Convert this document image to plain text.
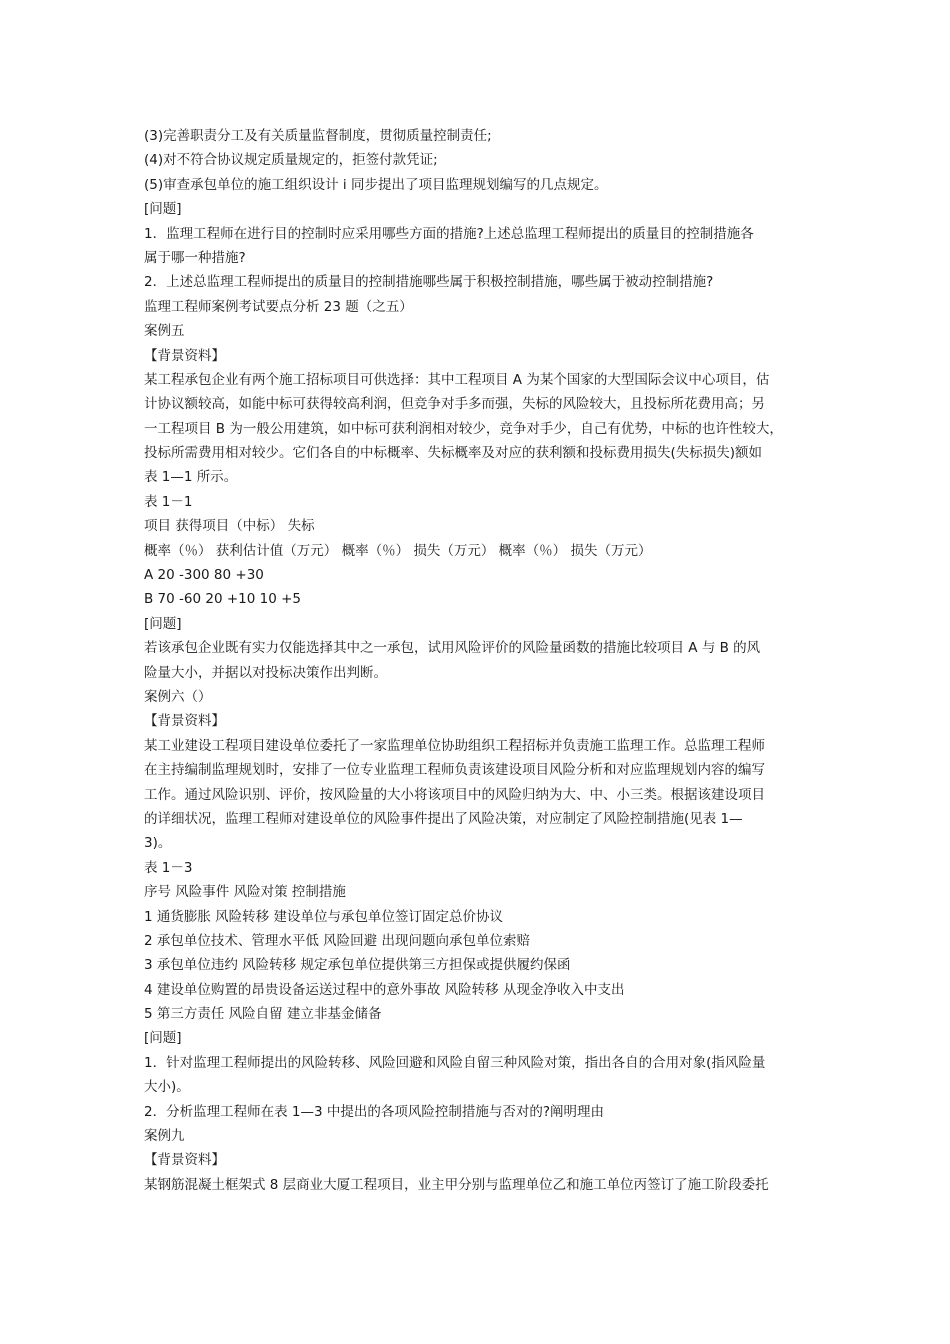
(3)完善职责分工及有关质量监督制度，贯彻质量控制责任;
(4)对不符合协议规定质量规定的，拒签付款凭证;
(5)审查承包单位的施工组织设计 i 同步提出了项目监理规划编写的几点规定。
[问题]
1．监理工程师在进行目的控制时应采用哪些方面的措施?上述总监理工程师提出的质量目的控制措施各
属于哪一种措施?
2．上述总监理工程师提出的质量目的控制措施哪些属于积极控制措施，哪些属于被动控制措施?
监理工程师案例考试要点分析 23 题（之五）
案例五
【背景资料】
某工程承包企业有两个施工招标项目可供选择：其中工程项目 A 为某个国家的大型国际会议中心项目，估
计协议额较高，如能中标可获得较高利润，但竞争对手多而强，失标的风险较大，且投标所花费用高；另
一工程项目 B 为一般公用建筑，如中标可获利润相对较少，竞争对手少，自己有优势，中标的也许性较大，
投标所需费用相对较少。它们各自的中标概率、失标概率及对应的获利额和投标费用损失(失标损失)额如
表 1—1 所示。
表 1－1
项目 获得项目（中标） 失标
概率（％） 获利估计值（万元） 概率（％） 损失（万元） 概率（％） 损失（万元）
A 20 -300 80 +30
B 70 -60 20 +10 10 +5
[问题]
若该承包企业既有实力仅能选择其中之一承包，试用风险评价的风险量函数的措施比较项目 A 与 B 的风
险量大小，并据以对投标决策作出判断。
案例六（）
【背景资料】
某工业建设工程项目建设单位委托了一家监理单位协助组织工程招标并负责施工监理工作。总监理工程师
在主持编制监理规划时，安排了一位专业监理工程师负责该建设项目风险分析和对应监理规划内容的编写
工作。通过风险识别、评价，按风险量的大小将该项目中的风险归纳为大、中、小三类。根据该建设项目
的详细状况，监理工程师对建设单位的风险事件提出了风险决策，对应制定了风险控制措施(见表 1—
3)。
表 1－3
序号 风险事件 风险对策 控制措施
1 通货膨胀 风险转移 建设单位与承包单位签订固定总价协议
2 承包单位技术、管理水平低 风险回避 出现问题向承包单位索赔
3 承包单位违约 风险转移 规定承包单位提供第三方担保或提供履约保函
4 建设单位购置的昂贵设备运送过程中的意外事故 风险转移 从现金净收入中支出
5 第三方责任 风险自留 建立非基金储备
[问题]
1．针对监理工程师提出的风险转移、风险回避和风险自留三种风险对策，指出各自的合用对象(指风险量
大小)。
2．分析监理工程师在表 1—3 中提出的各项风险控制措施与否对的?阐明理由
案例九
【背景资料】
某钢筋混凝土框架式 8 层商业大厦工程项目，业主甲分别与监理单位乙和施工单位丙签订了施工阶段委托
